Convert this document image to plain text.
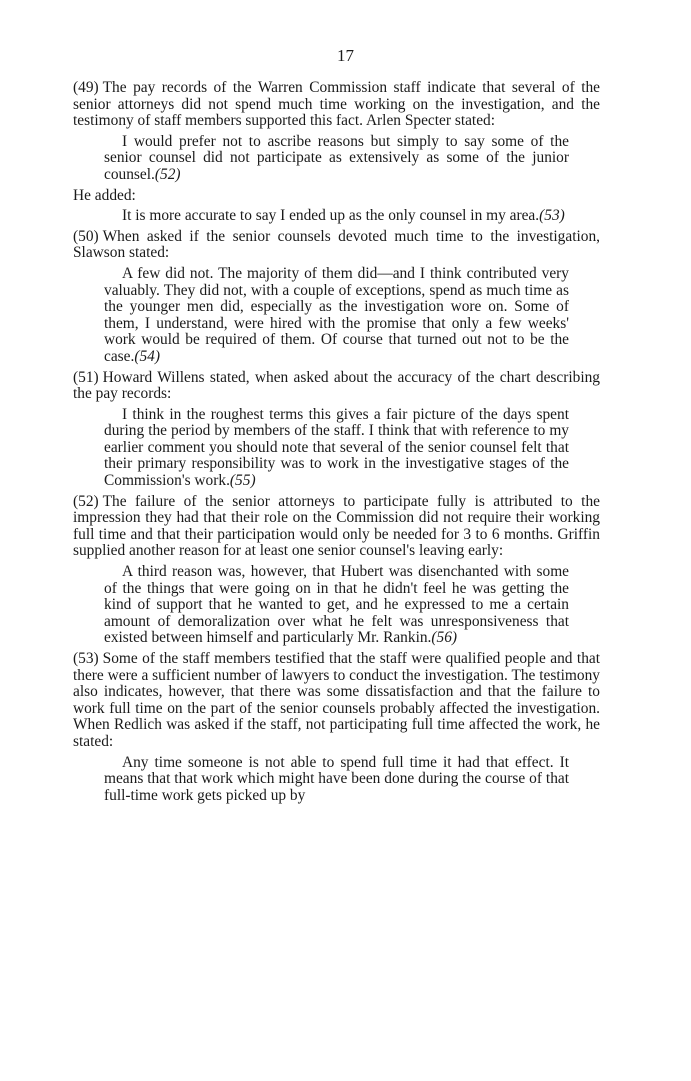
17

(49) The pay records of the Warren Commission staff indicate that several of the senior attorneys did not spend much time working on the investigation, and the testimony of staff members supported this fact. Arlen Specter stated:

I would prefer not to ascribe reasons but simply to say some of the senior counsel did not participate as extensively as some of the junior counsel.(52)

He added:

It is more accurate to say I ended up as the only counsel in my area.(53)

(50) When asked if the senior counsels devoted much time to the investigation, Slawson stated:

A few did not. The majority of them did—and I think contributed very valuably. They did not, with a couple of exceptions, spend as much time as the younger men did, especially as the investigation wore on. Some of them, I understand, were hired with the promise that only a few weeks' work would be required of them. Of course that turned out not to be the case.(54)

(51) Howard Willens stated, when asked about the accuracy of the chart describing the pay records:

I think in the roughest terms this gives a fair picture of the days spent during the period by members of the staff. I think that with reference to my earlier comment you should note that several of the senior counsel felt that their primary responsibility was to work in the investigative stages of the Commission's work.(55)

(52) The failure of the senior attorneys to participate fully is attributed to the impression they had that their role on the Commission did not require their working full time and that their participation would only be needed for 3 to 6 months. Griffin supplied another reason for at least one senior counsel's leaving early:

A third reason was, however, that Hubert was disenchanted with some of the things that were going on in that he didn't feel he was getting the kind of support that he wanted to get, and he expressed to me a certain amount of demoralization over what he felt was unresponsiveness that existed between himself and particularly Mr. Rankin.(56)

(53) Some of the staff members testified that the staff were qualified people and that there were a sufficient number of lawyers to conduct the investigation. The testimony also indicates, however, that there was some dissatisfaction and that the failure to work full time on the part of the senior counsels probably affected the investigation. When Redlich was asked if the staff, not participating full time affected the work, he stated:

Any time someone is not able to spend full time it had that effect. It means that that work which might have been done during the course of that full-time work gets picked up by
